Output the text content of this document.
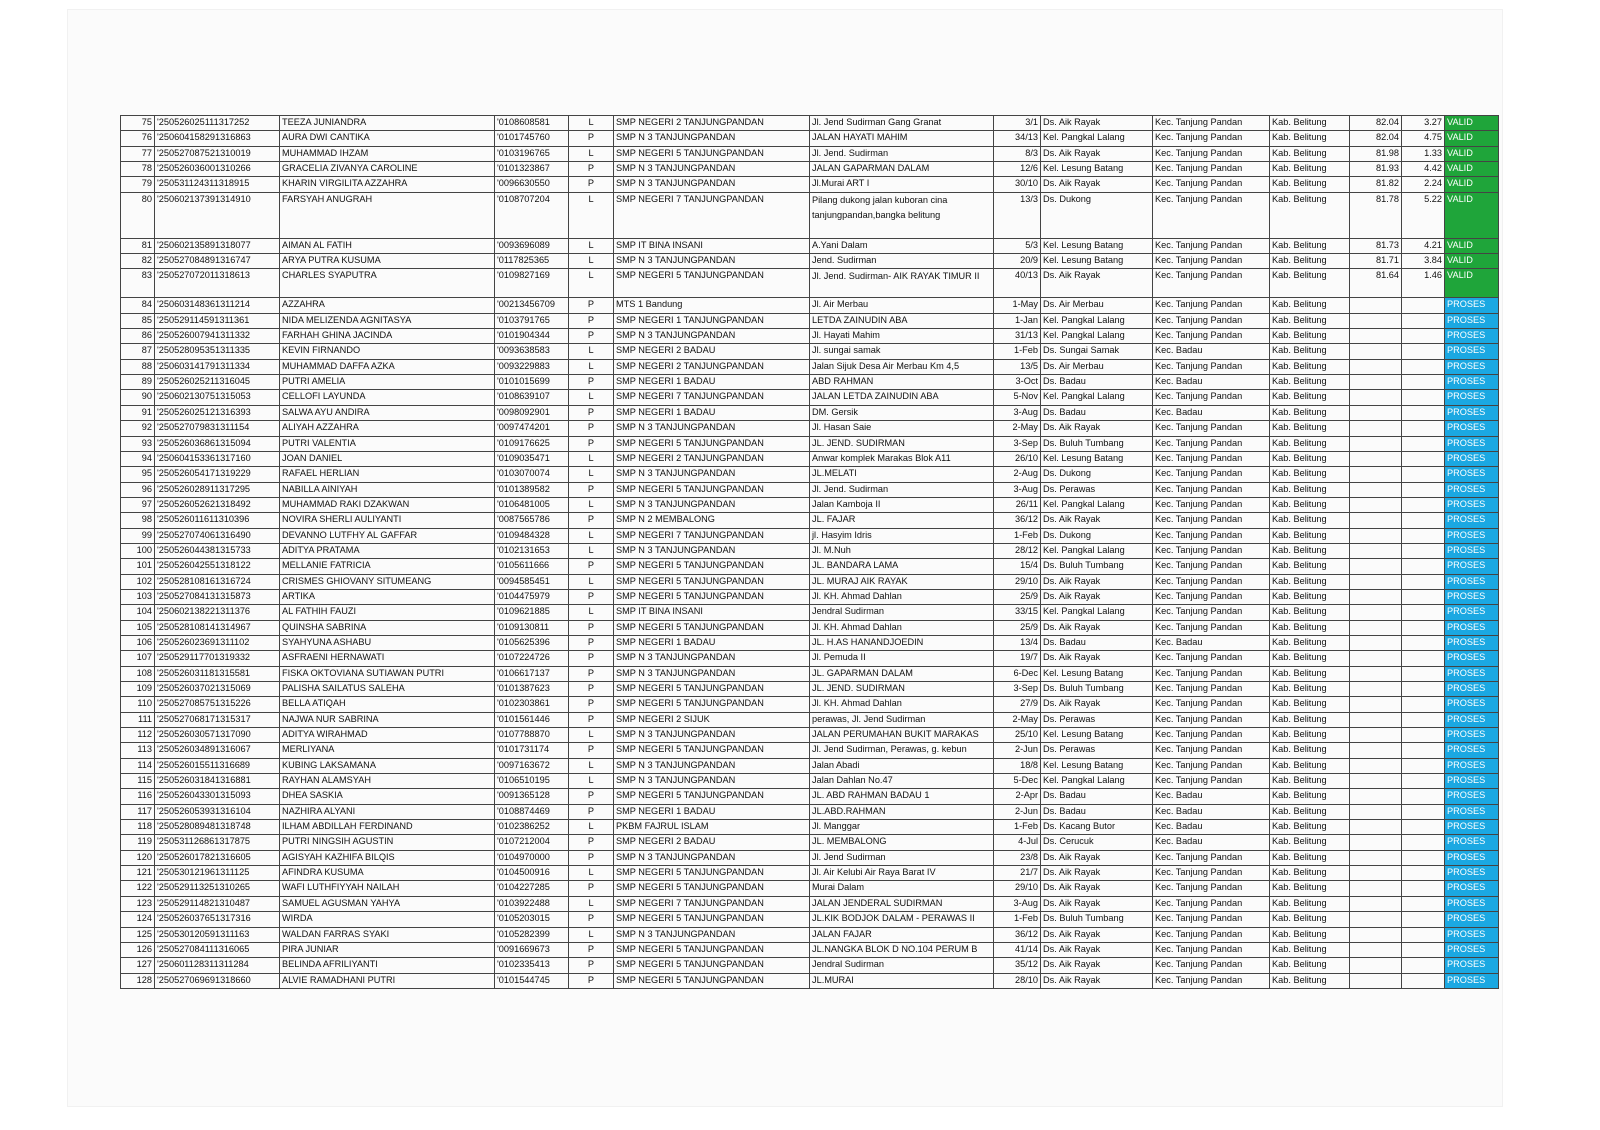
75	'250526025111317252	TEEZA JUNIANDRA	'0108608581	L	SMP NEGERI 2 TANJUNGPANDAN	Jl. Jend Sudirman Gang Granat	3/1	Ds. Aik Rayak	Kec. Tanjung Pandan	Kab. Belitung	82.04	3.27	VALID
76	'250604158291316863	AURA DWI CANTIKA	'0101745760	P	SMP N 3 TANJUNGPANDAN	JALAN HAYATI MAHIM	34/13	Kel. Pangkal Lalang	Kec. Tanjung Pandan	Kab. Belitung	82.04	4.75	VALID
77	'250527087521310019	MUHAMMAD IHZAM	'0103196765	L	SMP NEGERI 5 TANJUNGPANDAN	Jl. Jend. Sudirman	8/3	Ds. Aik Rayak	Kec. Tanjung Pandan	Kab. Belitung	81.98	1.33	VALID
78	'250526036001310266	GRACELIA ZIVANYA CAROLINE	'0101323867	P	SMP N 3 TANJUNGPANDAN	JALAN GAPARMAN DALAM	12/6	Kel. Lesung Batang	Kec. Tanjung Pandan	Kab. Belitung	81.93	4.42	VALID
79	'250531124311318915	KHARIN VIRGILITA AZZAHRA	'0096630550	P	SMP N 3 TANJUNGPANDAN	Jl.Murai ART I	30/10	Ds. Aik Rayak	Kec. Tanjung Pandan	Kab. Belitung	81.82	2.24	VALID
80	'250602137391314910	FARSYAH ANUGRAH	'0108707204	L	SMP NEGERI 7 TANJUNGPANDAN	Pilang dukong jalan kuboran cina tanjungpandan,bangka belitung	13/3	Ds. Dukong	Kec. Tanjung Pandan	Kab. Belitung	81.78	5.22	VALID
81	'250602135891318077	AIMAN AL FATIH	'0093696089	L	SMP IT BINA INSANI	A.Yani Dalam	5/3	Kel. Lesung Batang	Kec. Tanjung Pandan	Kab. Belitung	81.73	4.21	VALID
82	'250527084891316747	ARYA PUTRA KUSUMA	'0117825365	L	SMP N 3 TANJUNGPANDAN	Jend. Sudirman	20/9	Kel. Lesung Batang	Kec. Tanjung Pandan	Kab. Belitung	81.71	3.84	VALID
83	'250527072011318613	CHARLES SYAPUTRA	'0109827169	L	SMP NEGERI 5 TANJUNGPANDAN	Jl. Jend. Sudirman- AIK RAYAK TIMUR II	40/13	Ds. Aik Rayak	Kec. Tanjung Pandan	Kab. Belitung	81.64	1.46	VALID
84	'250603148361311214	AZZAHRA	'00213456709	P	MTS 1 Bandung	Jl. Air Merbau	1-May	Ds. Air Merbau	Kec. Tanjung Pandan	Kab. Belitung			PROSES
85	'250529114591311361	NIDA MELIZENDA AGNITASYA	'0103791765	P	SMP NEGERI 1 TANJUNGPANDAN	LETDA ZAINUDIN ABA	1-Jan	Kel. Pangkal Lalang	Kec. Tanjung Pandan	Kab. Belitung			PROSES
86	'250526007941311332	FARHAH GHINA JACINDA	'0101904344	P	SMP N 3 TANJUNGPANDAN	Jl. Hayati Mahim	31/13	Kel. Pangkal Lalang	Kec. Tanjung Pandan	Kab. Belitung			PROSES
87	'250528095351311335	KEVIN FIRNANDO	'0093638583	L	SMP NEGERI 2 BADAU	Jl. sungai samak	1-Feb	Ds. Sungai Samak	Kec. Badau	Kab. Belitung			PROSES
88	'250603141791311334	MUHAMMAD DAFFA AZKA	'0093229883	L	SMP NEGERI 2 TANJUNGPANDAN	Jalan Sijuk Desa Air Merbau Km 4,5	13/5	Ds. Air Merbau	Kec. Tanjung Pandan	Kab. Belitung			PROSES
89	'250526025211316045	PUTRI AMELIA	'0101015699	P	SMP NEGERI 1 BADAU	ABD RAHMAN	3-Oct	Ds. Badau	Kec. Badau	Kab. Belitung			PROSES
90	'250602130751315053	CELLOFI LAYUNDA	'0108639107	L	SMP NEGERI 7 TANJUNGPANDAN	JALAN LETDA ZAINUDIN ABA	5-Nov	Kel. Pangkal Lalang	Kec. Tanjung Pandan	Kab. Belitung			PROSES
91	'250526025121316393	SALWA AYU ANDIRA	'0098092901	P	SMP NEGERI 1 BADAU	DM. Gersik	3-Aug	Ds. Badau	Kec. Badau	Kab. Belitung			PROSES
92	'250527079831311154	ALIYAH AZZAHRA	'0097474201	P	SMP N 3 TANJUNGPANDAN	Jl. Hasan Saie	2-May	Ds. Aik Rayak	Kec. Tanjung Pandan	Kab. Belitung			PROSES
93	'250526036861315094	PUTRI VALENTIA	'0109176625	P	SMP NEGERI 5 TANJUNGPANDAN	JL. JEND. SUDIRMAN	3-Sep	Ds. Buluh Tumbang	Kec. Tanjung Pandan	Kab. Belitung			PROSES
94	'250604153361317160	JOAN DANIEL	'0109035471	L	SMP NEGERI 2 TANJUNGPANDAN	Anwar komplek Marakas Blok A11	26/10	Kel. Lesung Batang	Kec. Tanjung Pandan	Kab. Belitung			PROSES
95	'250526054171319229	RAFAEL HERLIAN	'0103070074	L	SMP N 3 TANJUNGPANDAN	JL.MELATI	2-Aug	Ds. Dukong	Kec. Tanjung Pandan	Kab. Belitung			PROSES
96	'250526028911317295	NABILLA AINIYAH	'0101389582	P	SMP NEGERI 5 TANJUNGPANDAN	Jl. Jend. Sudirman	3-Aug	Ds. Perawas	Kec. Tanjung Pandan	Kab. Belitung			PROSES
97	'250526052621318492	MUHAMMAD RAKI DZAKWAN	'0106481005	L	SMP N 3 TANJUNGPANDAN	Jalan Kamboja II	26/11	Kel. Pangkal Lalang	Kec. Tanjung Pandan	Kab. Belitung			PROSES
98	'250526011611310396	NOVIRA SHERLI AULIYANTI	'0087565786	P	SMP N 2 MEMBALONG	JL. FAJAR	36/12	Ds. Aik Rayak	Kec. Tanjung Pandan	Kab. Belitung			PROSES
99	'250527074061316490	DEVANNO LUTFHY AL GAFFAR	'0109484328	L	SMP NEGERI 7 TANJUNGPANDAN	jl. Hasyim Idris	1-Feb	Ds. Dukong	Kec. Tanjung Pandan	Kab. Belitung			PROSES
100	'250526044381315733	ADITYA PRATAMA	'0102131653	L	SMP N 3 TANJUNGPANDAN	Jl. M.Nuh	28/12	Kel. Pangkal Lalang	Kec. Tanjung Pandan	Kab. Belitung			PROSES
101	'250526042551318122	MELLANIE FATRICIA	'0105611666	P	SMP NEGERI 5 TANJUNGPANDAN	JL. BANDARA LAMA	15/4	Ds. Buluh Tumbang	Kec. Tanjung Pandan	Kab. Belitung			PROSES
102	'250528108161316724	CRISMES GHIOVANY SITUMEANG	'0094585451	L	SMP NEGERI 5 TANJUNGPANDAN	JL. MURAJ AIK RAYAK	29/10	Ds. Aik Rayak	Kec. Tanjung Pandan	Kab. Belitung			PROSES
103	'250527084131315873	ARTIKA	'0104475979	P	SMP NEGERI 5 TANJUNGPANDAN	Jl. KH. Ahmad Dahlan	25/9	Ds. Aik Rayak	Kec. Tanjung Pandan	Kab. Belitung			PROSES
104	'250602138221311376	AL FATHIH FAUZI	'0109621885	L	SMP IT BINA INSANI	Jendral Sudirman	33/15	Kel. Pangkal Lalang	Kec. Tanjung Pandan	Kab. Belitung			PROSES
105	'250528108141314967	QUINSHA SABRINA	'0109130811	P	SMP NEGERI 5 TANJUNGPANDAN	Jl. KH. Ahmad Dahlan	25/9	Ds. Aik Rayak	Kec. Tanjung Pandan	Kab. Belitung			PROSES
106	'250526023691311102	SYAHYUNA ASHABU	'0105625396	P	SMP NEGERI 1 BADAU	JL. H.AS HANANDJOEDIN	13/4	Ds. Badau	Kec. Badau	Kab. Belitung			PROSES
107	'250529117701319332	ASFRAENI HERNAWATI	'0107224726	P	SMP N 3 TANJUNGPANDAN	Jl. Pemuda II	19/7	Ds. Aik Rayak	Kec. Tanjung Pandan	Kab. Belitung			PROSES
108	'250526031181315581	FISKA OKTOVIANA SUTIAWAN PUTRI	'0106617137	P	SMP N 3 TANJUNGPANDAN	JL. GAPARMAN DALAM	6-Dec	Kel. Lesung Batang	Kec. Tanjung Pandan	Kab. Belitung			PROSES
109	'250526037021315069	PALISHA SAILATUS SALEHA	'0101387623	P	SMP NEGERI 5 TANJUNGPANDAN	JL. JEND. SUDIRMAN	3-Sep	Ds. Buluh Tumbang	Kec. Tanjung Pandan	Kab. Belitung			PROSES
110	'250527085751315226	BELLA ATIQAH	'0102303861	P	SMP NEGERI 5 TANJUNGPANDAN	Jl. KH. Ahmad Dahlan	27/9	Ds. Aik Rayak	Kec. Tanjung Pandan	Kab. Belitung			PROSES
111	'250527068171315317	NAJWA NUR SABRINA	'0101561446	P	SMP NEGERI 2 SIJUK	perawas, Jl. Jend Sudirman	2-May	Ds. Perawas	Kec. Tanjung Pandan	Kab. Belitung			PROSES
112	'250526030571317090	ADITYA WIRAHMAD	'0107788870	L	SMP N 3 TANJUNGPANDAN	JALAN PERUMAHAN BUKIT MARAKAS	25/10	Kel. Lesung Batang	Kec. Tanjung Pandan	Kab. Belitung			PROSES
113	'250526034891316067	MERLIYANA	'0101731174	P	SMP NEGERI 5 TANJUNGPANDAN	Jl. Jend Sudirman, Perawas, g. kebun	2-Jun	Ds. Perawas	Kec. Tanjung Pandan	Kab. Belitung			PROSES
114	'250526015511316689	KUBING LAKSAMANA	'0097163672	L	SMP N 3 TANJUNGPANDAN	Jalan Abadi	18/8	Kel. Lesung Batang	Kec. Tanjung Pandan	Kab. Belitung			PROSES
115	'250526031841316881	RAYHAN ALAMSYAH	'0106510195	L	SMP N 3 TANJUNGPANDAN	Jalan Dahlan No.47	5-Dec	Kel. Pangkal Lalang	Kec. Tanjung Pandan	Kab. Belitung			PROSES
116	'250526043301315093	DHEA SASKIA	'0091365128	P	SMP NEGERI 5 TANJUNGPANDAN	JL. ABD RAHMAN BADAU 1	2-Apr	Ds. Badau	Kec. Badau	Kab. Belitung			PROSES
117	'250526053931316104	NAZHIRA ALYANI	'0108874469	P	SMP NEGERI 1 BADAU	JL.ABD.RAHMAN	2-Jun	Ds. Badau	Kec. Badau	Kab. Belitung			PROSES
118	'250528089481318748	ILHAM ABDILLAH FERDINAND	'0102386252	L	PKBM FAJRUL ISLAM	Jl. Manggar	1-Feb	Ds. Kacang Butor	Kec. Badau	Kab. Belitung			PROSES
119	'250531126861317875	PUTRI NINGSIH AGUSTIN	'0107212004	P	SMP NEGERI 2 BADAU	JL. MEMBALONG	4-Jul	Ds. Cerucuk	Kec. Badau	Kab. Belitung			PROSES
120	'250526017821316605	AGISYAH KAZHIFA BILQIS	'0104970000	P	SMP N 3 TANJUNGPANDAN	Jl. Jend Sudirman	23/8	Ds. Aik Rayak	Kec. Tanjung Pandan	Kab. Belitung			PROSES
121	'250530121961311125	AFINDRA KUSUMA	'0104500916	L	SMP NEGERI 5 TANJUNGPANDAN	Jl. Air Kelubi Air Raya Barat IV	21/7	Ds. Aik Rayak	Kec. Tanjung Pandan	Kab. Belitung			PROSES
122	'250529113251310265	WAFI LUTHFIYYAH NAILAH	'0104227285	P	SMP NEGERI 5 TANJUNGPANDAN	Murai Dalam	29/10	Ds. Aik Rayak	Kec. Tanjung Pandan	Kab. Belitung			PROSES
123	'250529114821310487	SAMUEL AGUSMAN YAHYA	'0103922488	L	SMP NEGERI 7 TANJUNGPANDAN	JALAN JENDERAL SUDIRMAN	3-Aug	Ds. Aik Rayak	Kec. Tanjung Pandan	Kab. Belitung			PROSES
124	'250526037651317316	WIRDA	'0105203015	P	SMP NEGERI 5 TANJUNGPANDAN	JL.KIK BODJOK DALAM - PERAWAS II	1-Feb	Ds. Buluh Tumbang	Kec. Tanjung Pandan	Kab. Belitung			PROSES
125	'250530120591311163	WALDAN FARRAS SYAKI	'0105282399	L	SMP N 3 TANJUNGPANDAN	JALAN FAJAR	36/12	Ds. Aik Rayak	Kec. Tanjung Pandan	Kab. Belitung			PROSES
126	'250527084111316065	PIRA JUNIAR	'0091669673	P	SMP NEGERI 5 TANJUNGPANDAN	JL.NANGKA BLOK D NO.104 PERUM B	41/14	Ds. Aik Rayak	Kec. Tanjung Pandan	Kab. Belitung			PROSES
127	'250601128311311284	BELINDA AFRILIYANTI	'0102335413	P	SMP NEGERI 5 TANJUNGPANDAN	Jendral Sudirman	35/12	Ds. Aik Rayak	Kec. Tanjung Pandan	Kab. Belitung			PROSES
128	'250527069691318660	ALVIE RAMADHANI PUTRI	'0101544745	P	SMP NEGERI 5 TANJUNGPANDAN	JL.MURAI	28/10	Ds. Aik Rayak	Kec. Tanjung Pandan	Kab. Belitung			PROSES
